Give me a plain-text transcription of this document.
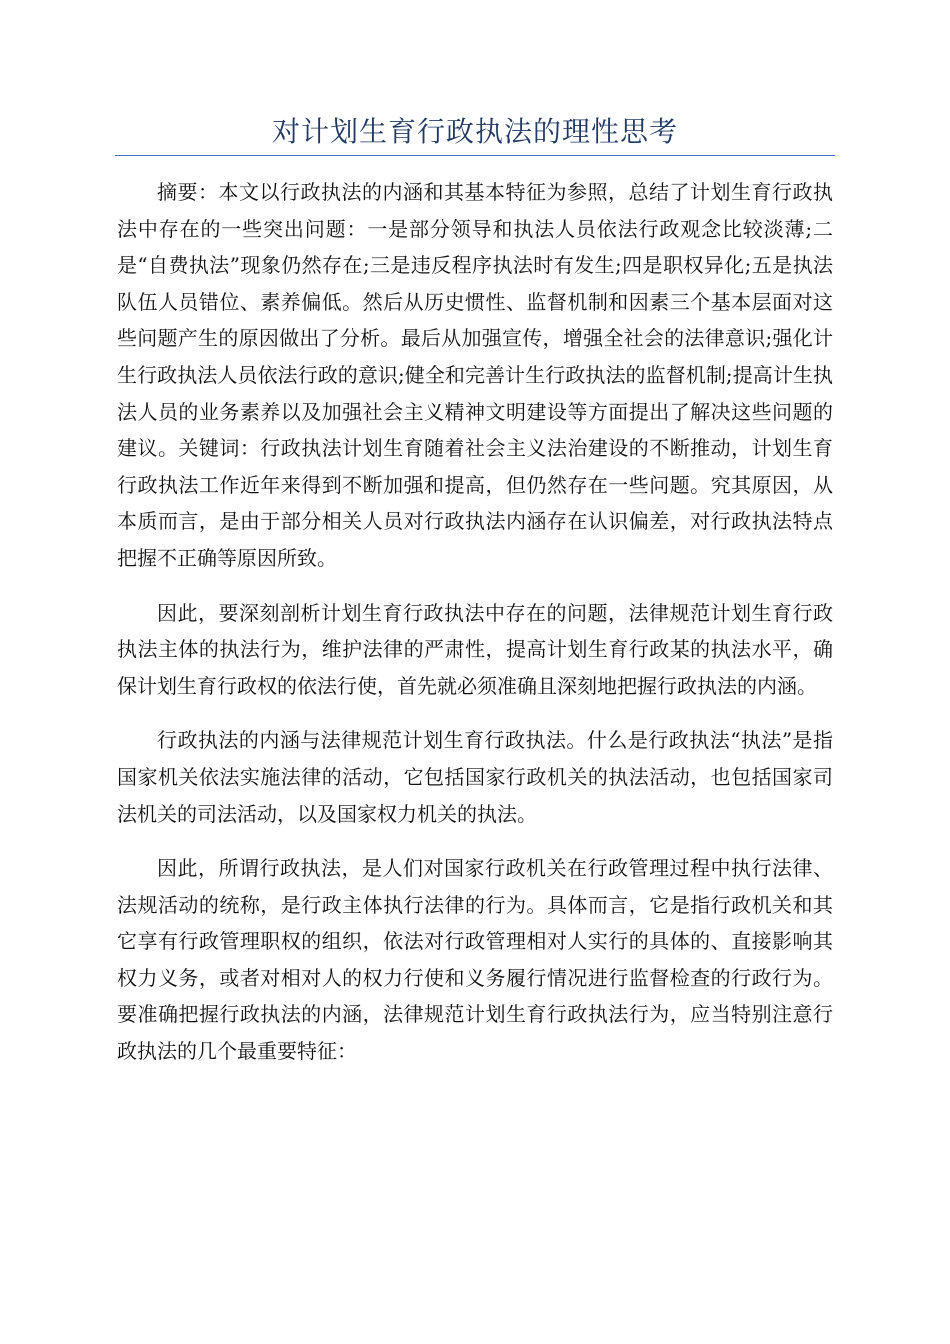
对计划生育行政执法的理性思考

摘要：本文以行政执法的内涵和其基本特征为参照，总结了计划生育行政执法中存在的一些突出问题：一是部分领导和执法人员依法行政观念比较淡薄;二是“自费执法”现象仍然存在;三是违反程序执法时有发生;四是职权异化;五是执法队伍人员错位、素养偏低。然后从历史惯性、监督机制和因素三个基本层面对这些问题产生的原因做出了分析。最后从加强宣传，增强全社会的法律意识;强化计生行政执法人员依法行政的意识;健全和完善计生行政执法的监督机制;提高计生执法人员的业务素养以及加强社会主义精神文明建设等方面提出了解决这些问题的建议。关键词：行政执法计划生育随着社会主义法治建设的不断推动，计划生育行政执法工作近年来得到不断加强和提高，但仍然存在一些问题。究其原因，从本质而言，是由于部分相关人员对行政执法内涵存在认识偏差，对行政执法特点把握不正确等原因所致。

因此，要深刻剖析计划生育行政执法中存在的问题，法律规范计划生育行政执法主体的执法行为，维护法律的严肃性，提高计划生育行政某的执法水平，确保计划生育行政权的依法行使，首先就必须准确且深刻地把握行政执法的内涵。

行政执法的内涵与法律规范计划生育行政执法。什么是行政执法“执法”是指国家机关依法实施法律的活动，它包括国家行政机关的执法活动，也包括国家司法机关的司法活动，以及国家权力机关的执法。

因此，所谓行政执法，是人们对国家行政机关在行政管理过程中执行法律、法规活动的统称，是行政主体执行法律的行为。具体而言，它是指行政机关和其它享有行政管理职权的组织，依法对行政管理相对人实行的具体的、直接影响其权力义务，或者对相对人的权力行使和义务履行情况进行监督检查的行政行为。要准确把握行政执法的内涵，法律规范计划生育行政执法行为，应当特别注意行政执法的几个最重要特征：
